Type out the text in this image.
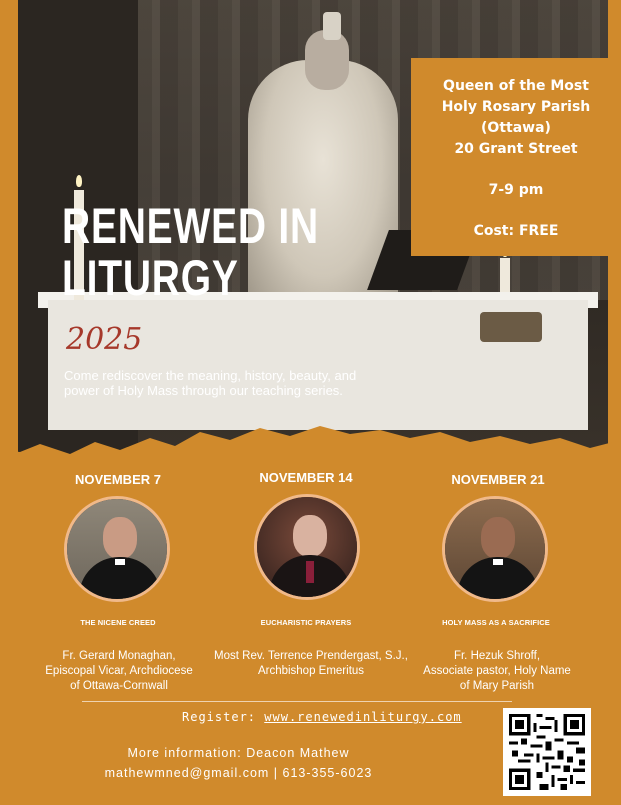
Queen of the Most
Holy Rosary Parish
(Ottawa)
20 Grant Street
7-9 pm
Cost: FREE
RENEWED IN
LITURGY
2025
Come rediscover the meaning, history, beauty, and power of Holy Mass through our teaching series.
NOVEMBER 7
THE NICENE CREED
Fr. Gerard Monaghan,
Episcopal Vicar, Archdiocese
of Ottawa-Cornwall
NOVEMBER 14
EUCHARISTIC PRAYERS
Most Rev. Terrence Prendergast, S.J.,
Archbishop Emeritus
NOVEMBER 21
HOLY MASS AS A SACRIFICE
Fr. Hezuk Shroff,
Associate pastor, Holy Name
of Mary Parish
Register: www.renewedinliturgy.com
More information: Deacon Mathew
mathewmned@gmail.com | 613-355-6023
